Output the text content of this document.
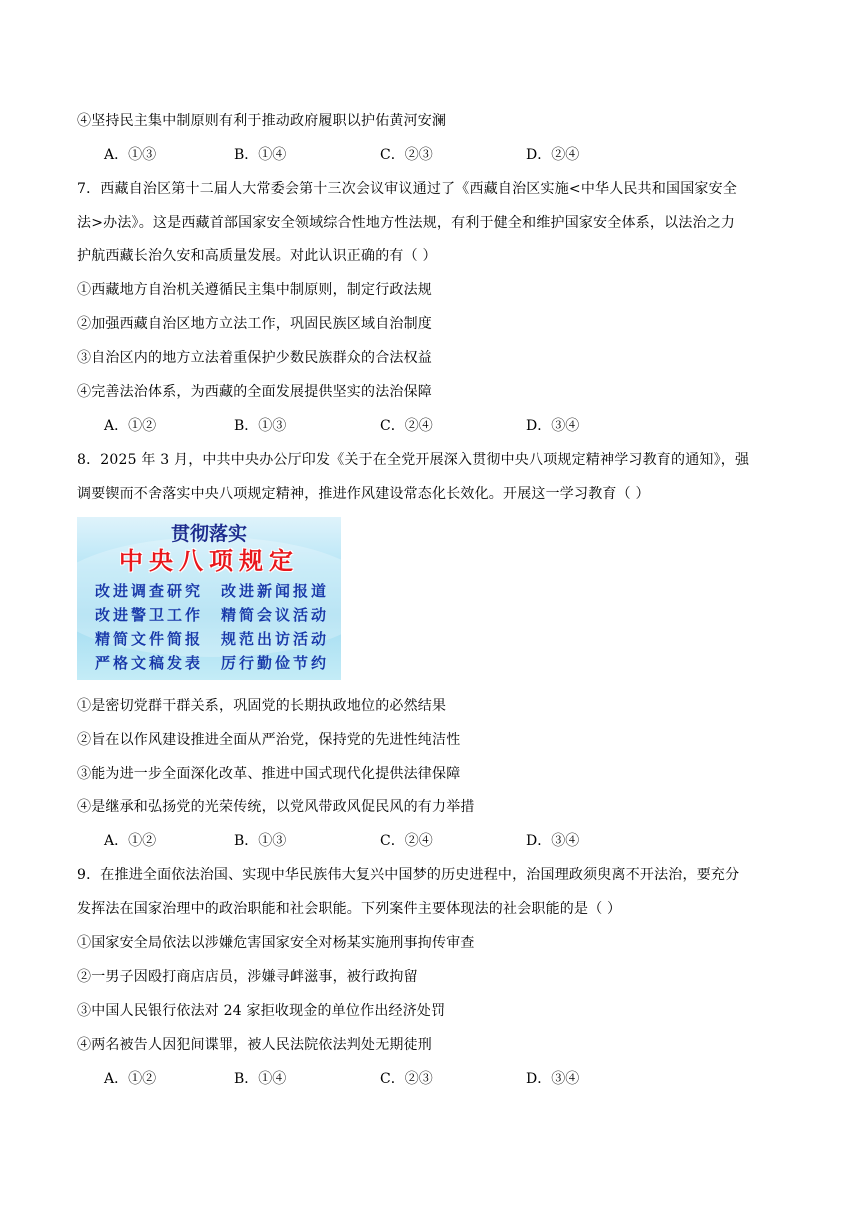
④坚持民主集中制原则有利于推动政府履职以护佑黄河安澜
A．①③	B．①④	C．②③	D．②④
7．西藏自治区第十二届人大常委会第十三次会议审议通过了《西藏自治区实施<中华人民共和国国家安全
法>办法》。这是西藏首部国家安全领域综合性地方性法规，有利于健全和维护国家安全体系，以法治之力
护航西藏长治久安和高质量发展。对此认识正确的有（ ）
①西藏地方自治机关遵循民主集中制原则，制定行政法规
②加强西藏自治区地方立法工作，巩固民族区域自治制度
③自治区内的地方立法着重保护少数民族群众的合法权益
④完善法治体系，为西藏的全面发展提供坚实的法治保障
A．①②	B．①③	C．②④	D．③④
8．2025 年 3 月，中共中央办公厅印发《关于在全党开展深入贯彻中央八项规定精神学习教育的通知》，强
调要锲而不舍落实中央八项规定精神，推进作风建设常态化长效化。开展这一学习教育（ ）
贯彻落实
中央八项规定
改进调查研究 改进新闻报道
改进警卫工作 精简会议活动
精简文件简报 规范出访活动
严格文稿发表 厉行勤俭节约
①是密切党群干群关系，巩固党的长期执政地位的必然结果
②旨在以作风建设推进全面从严治党，保持党的先进性纯洁性
③能为进一步全面深化改革、推进中国式现代化提供法律保障
④是继承和弘扬党的光荣传统，以党风带政风促民风的有力举措
A．①②	B．①③	C．②④	D．③④
9．在推进全面依法治国、实现中华民族伟大复兴中国梦的历史进程中，治国理政须臾离不开法治，要充分
发挥法在国家治理中的政治职能和社会职能。下列案件主要体现法的社会职能的是（ ）
①国家安全局依法以涉嫌危害国家安全对杨某实施刑事拘传审查
②一男子因殴打商店店员，涉嫌寻衅滋事，被行政拘留
③中国人民银行依法对 24 家拒收现金的单位作出经济处罚
④两名被告人因犯间谍罪，被人民法院依法判处无期徒刑
A．①②	B．①④	C．②③	D．③④
